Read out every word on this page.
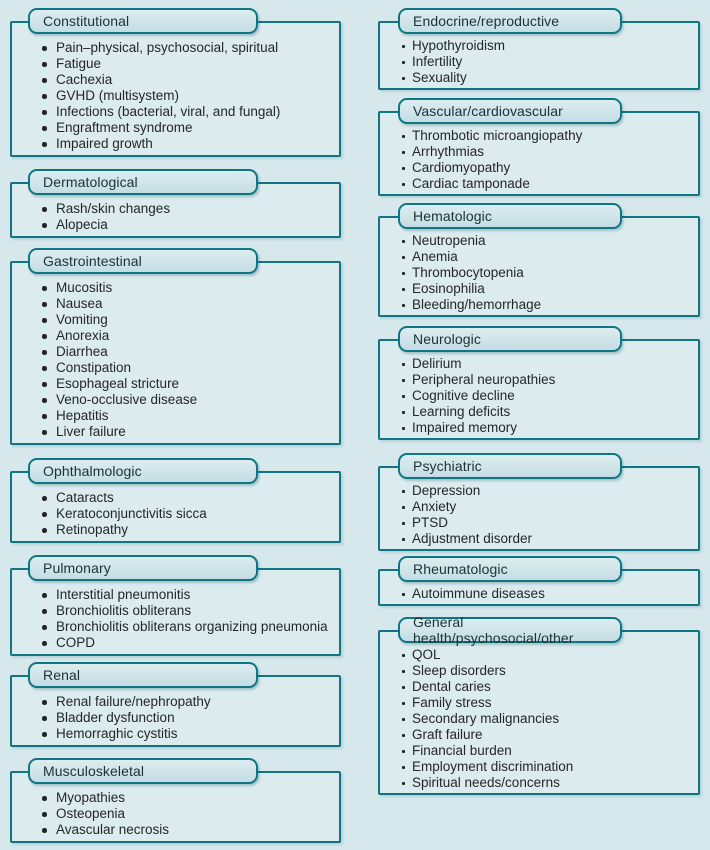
Constitutional
Pain–physical, psychosocial, spiritual
Fatigue
Cachexia
GVHD (multisystem)
Infections (bacterial, viral, and fungal)
Engraftment syndrome
Impaired growth
Dermatological
Rash/skin changes
Alopecia
Gastrointestinal
Mucositis
Nausea
Vomiting
Anorexia
Diarrhea
Constipation
Esophageal stricture
Veno-occlusive disease
Hepatitis
Liver failure
Ophthalmologic
Cataracts
Keratoconjunctivitis sicca
Retinopathy
Pulmonary
Interstitial pneumonitis
Bronchiolitis obliterans
Bronchiolitis obliterans organizing pneumonia
COPD
Renal
Renal failure/nephropathy
Bladder dysfunction
Hemorraghic cystitis
Musculoskeletal
Myopathies
Osteopenia
Avascular necrosis
Endocrine/reproductive
Hypothyroidism
Infertility
Sexuality
Vascular/cardiovascular
Thrombotic microangiopathy
Arrhythmias
Cardiomyopathy
Cardiac tamponade
Hematologic
Neutropenia
Anemia
Thrombocytopenia
Eosinophilia
Bleeding/hemorrhage
Neurologic
Delirium
Peripheral neuropathies
Cognitive decline
Learning deficits
Impaired memory
Psychiatric
Depression
Anxiety
PTSD
Adjustment disorder
Rheumatologic
Autoimmune diseases
General health/psychosocial/other
QOL
Sleep disorders
Dental caries
Family stress
Secondary malignancies
Graft failure
Financial burden
Employment discrimination
Spiritual needs/concerns
